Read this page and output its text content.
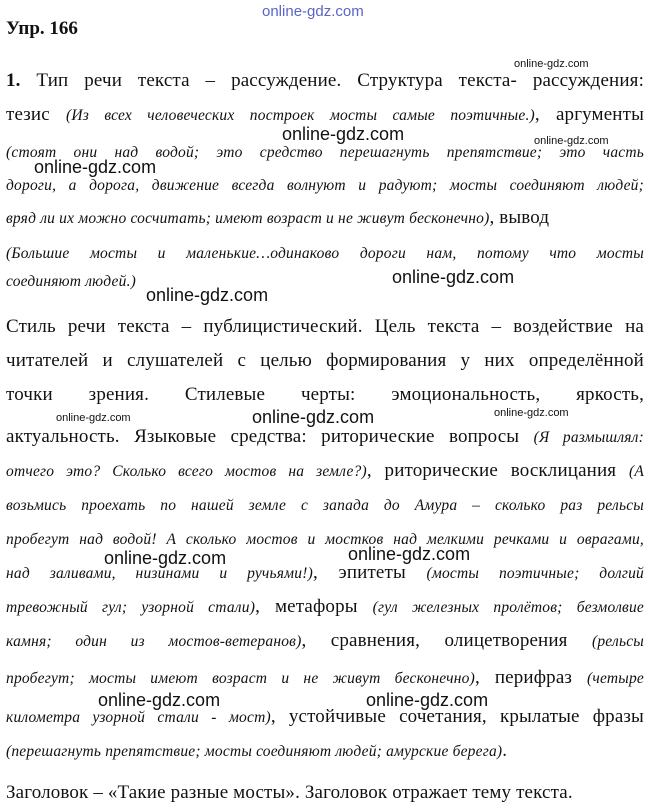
online-gdz.com
online-gdz.com
online-gdz.com	online-gdz.com
online-gdz.com
online-gdz.com
online-gdz.com
online-gdz.com	online-gdz.com	online-gdz.com
online-gdz.com	online-gdz.com
online-gdz.com	online-gdz.com
Упр. 166
1. Тип речи текста – рассуждение. Структура текста- рассуждения:
тезис (Из всех человеческих построек мосты самые поэтичные.), аргументы
(стоят они над водой; это средство перешагнуть препятствие; это часть
дороги, а дорога, движение всегда волнуют и радуют; мосты соединяют людей;
вряд ли их можно сосчитать; имеют возраст и не живут бесконечно), вывод
(Большие мосты и маленькие…одинаково дороги нам, потому что мосты
соединяют людей.)
Стиль речи текста – публицистический. Цель текста – воздействие на
читателей и слушателей с целью формирования у них определённой
точки зрения. Стилевые черты: эмоциональность, яркость,
актуальность. Языковые средства: риторические вопросы (Я размышлял:
отчего это? Сколько всего мостов на земле?), риторические восклицания (А
возьмись проехать по нашей земле с запада до Амура – сколько раз рельсы
пробегут над водой! А сколько мостов и мостков над мелкими речками и оврагами,
над заливами, низинами и ручьями!), эпитеты (мосты поэтичные; долгий
тревожный гул; узорной стали), метафоры (гул железных пролётов; безмолвие
камня; один из мостов-ветеранов), сравнения, олицетворения (рельсы
пробегут; мосты имеют возраст и не живут бесконечно), перифраз (четыре
километра узорной стали - мост), устойчивые сочетания, крылатые фразы
(перешагнуть препятствие; мосты соединяют людей; амурские берега).
Заголовок – «Такие разные мосты». Заголовок отражает тему текста.
